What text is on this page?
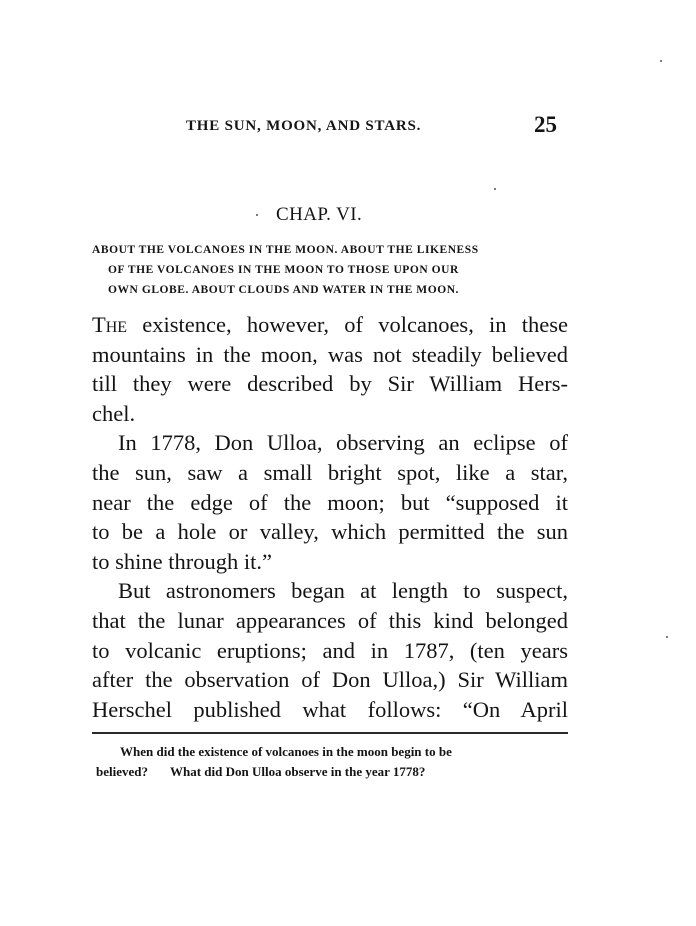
THE SUN, MOON, AND STARS.	25
CHAP. VI.
ABOUT THE VOLCANOES IN THE MOON. ABOUT THE LIKENESS
OF THE VOLCANOES IN THE MOON TO THOSE UPON OUR
OWN GLOBE. ABOUT CLOUDS AND WATER IN THE MOON.
The existence, however, of volcanoes, in these
mountains in the moon, was not steadily believed
till they were described by Sir William Hers-
chel.
In 1778, Don Ulloa, observing an eclipse of
the sun, saw a small bright spot, like a star,
near the edge of the moon; but “supposed it
to be a hole or valley, which permitted the sun
to shine through it.”
But astronomers began at length to suspect,
that the lunar appearances of this kind belonged
to volcanic eruptions; and in 1787, (ten years
after the observation of Don Ulloa,) Sir William
Herschel published what follows: “On April
When did the existence of volcanoes in the moon begin to be
believed? What did Don Ulloa observe in the year 1778?
